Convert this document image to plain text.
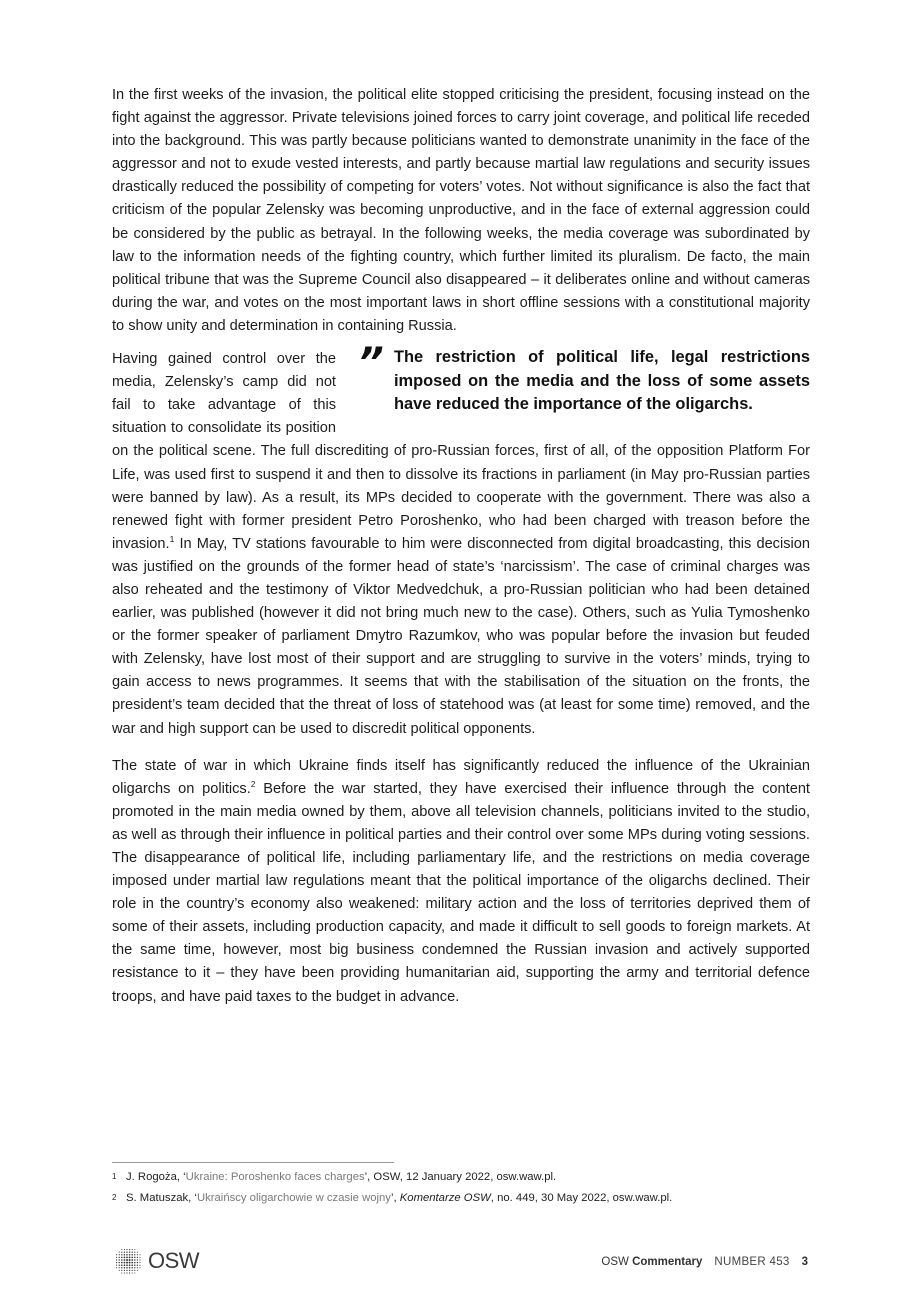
In the first weeks of the invasion, the political elite stopped criticising the president, focusing instead on the fight against the aggressor. Private televisions joined forces to carry joint coverage, and political life receded into the background. This was partly because politicians wanted to demonstrate unanimity in the face of the aggressor and not to exude vested interests, and partly because martial law regulations and security issues drastically reduced the possibility of competing for voters’ votes. Not without significance is also the fact that criticism of the popular Zelensky was becoming unproductive, and in the face of external aggression could be considered by the public as betrayal. In the following weeks, the media coverage was subordinated by law to the information needs of the fighting country, which further limited its pluralism. De facto, the main political tribune that was the Supreme Council also disappeared – it deliberates online and without cameras during the war, and votes on the most important laws in short offline sessions with a constitutional majority to show unity and determination in containing Russia.

” The restriction of political life, legal restrictions imposed on the media and the loss of some assets have reduced the importance of the oligarchs.
Having gained control over the media, Zelensky’s camp did not fail to take advantage of this situation to consolidate its position on the political scene. The full discrediting of pro-Russian forces, first of all, of the opposition Platform For Life, was used first to suspend it and then to dissolve its fractions in parliament (in May pro-Russian parties were banned by law). As a result, its MPs decided to cooperate with the government. There was also a renewed fight with former president Petro Poroshenko, who had been charged with treason before the invasion.$^1$ In May, TV stations favourable to him were disconnected from digital broadcasting, this decision was justified on the grounds of the former head of state’s ‘narcissism’. The case of criminal charges was also reheated and the testimony of Viktor Medvedchuk, a pro-Russian politician who had been detained earlier, was published (however it did not bring much new to the case). Others, such as Yulia Tymoshenko or the former speaker of parliament Dmytro Razumkov, who was popular before the invasion but feuded with Zelensky, have lost most of their support and are struggling to survive in the voters’ minds, trying to gain access to news programmes. It seems that with the stabilisation of the situation on the fronts, the president’s team decided that the threat of loss of statehood was (at least for some time) removed, and the war and high support can be used to discredit political opponents.

The state of war in which Ukraine finds itself has significantly reduced the influence of the Ukrainian oligarchs on politics.$^2$ Before the war started, they have exercised their influence through the content promoted in the main media owned by them, above all television channels, politicians invited to the studio, as well as through their influence in political parties and their control over some MPs during voting sessions. The disappearance of political life, including parliamentary life, and the restrictions on media coverage imposed under martial law regulations meant that the political importance of the oligarchs declined. Their role in the country’s economy also weakened: military action and the loss of territories deprived them of some of their assets, including production capacity, and made it difficult to sell goods to foreign markets. At the same time, however, most big business condemned the Russian invasion and actively supported resistance to it – they have been providing humanitarian aid, supporting the army and territorial defence troops, and have paid taxes to the budget in advance.

1 J. Rogoża, ‘Ukraine: Poroshenko faces charges’, OSW, 12 January 2022, osw.waw.pl.
2 S. Matuszak, ‘Ukraińscy oligarchowie w czasie wojny’, Komentarze OSW, no. 449, 30 May 2022, osw.waw.pl.
OSW	OSW Commentary NUMBER 453 3
